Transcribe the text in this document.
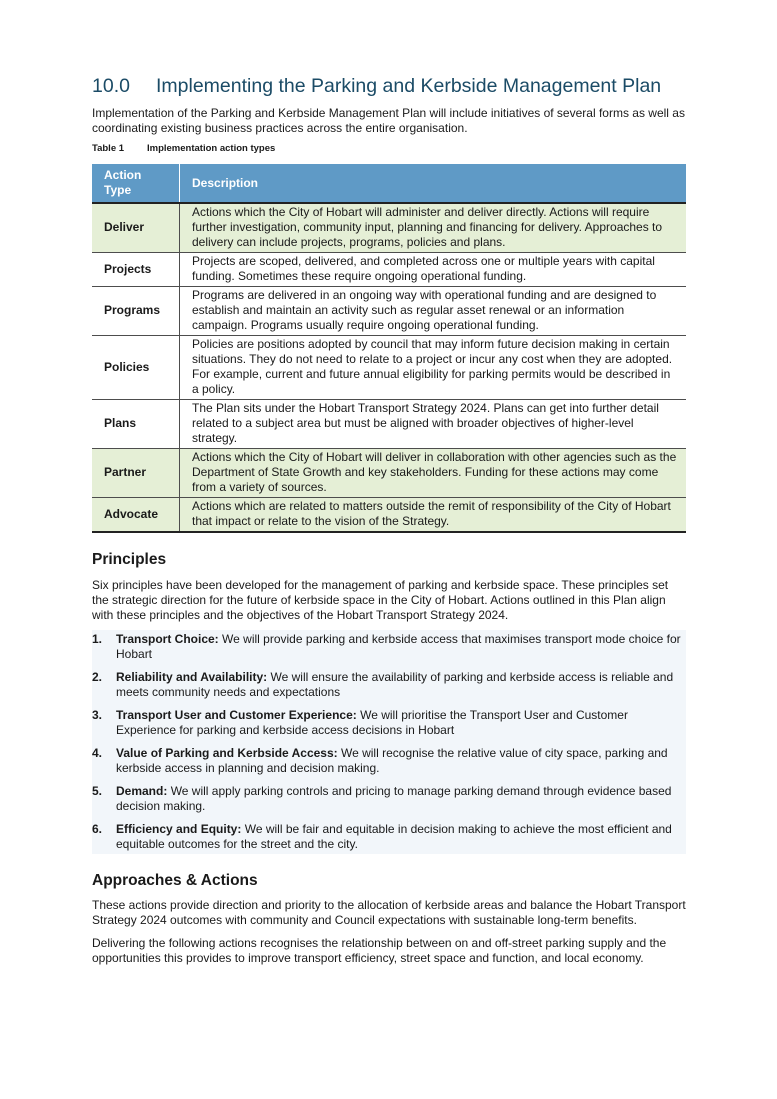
10.0 Implementing the Parking and Kerbside Management Plan

Implementation of the Parking and Kerbside Management Plan will include initiatives of several forms as well as coordinating existing business practices across the entire organisation.

Table 1 Implementation action types
Action Type	Description
Deliver	Actions which the City of Hobart will administer and deliver directly. Actions will require further investigation, community input, planning and financing for delivery. Approaches to delivery can include projects, programs, policies and plans.
Projects	Projects are scoped, delivered, and completed across one or multiple years with capital funding. Sometimes these require ongoing operational funding.
Programs	Programs are delivered in an ongoing way with operational funding and are designed to establish and maintain an activity such as regular asset renewal or an information campaign. Programs usually require ongoing operational funding.
Policies	Policies are positions adopted by council that may inform future decision making in certain situations. They do not need to relate to a project or incur any cost when they are adopted. For example, current and future annual eligibility for parking permits would be described in a policy.
Plans	The Plan sits under the Hobart Transport Strategy 2024. Plans can get into further detail related to a subject area but must be aligned with broader objectives of higher-level strategy.
Partner	Actions which the City of Hobart will deliver in collaboration with other agencies such as the Department of State Growth and key stakeholders. Funding for these actions may come from a variety of sources.
Advocate	Actions which are related to matters outside the remit of responsibility of the City of Hobart that impact or relate to the vision of the Strategy.
Principles

Six principles have been developed for the management of parking and kerbside space. These principles set the strategic direction for the future of kerbside space in the City of Hobart. Actions outlined in this Plan align with these principles and the objectives of the Hobart Transport Strategy 2024.

1.	Transport Choice: We will provide parking and kerbside access that maximises transport mode choice for Hobart
2.	Reliability and Availability: We will ensure the availability of parking and kerbside access is reliable and meets community needs and expectations
3.	Transport User and Customer Experience: We will prioritise the Transport User and Customer Experience for parking and kerbside access decisions in Hobart
4.	Value of Parking and Kerbside Access: We will recognise the relative value of city space, parking and kerbside access in planning and decision making.
5.	Demand: We will apply parking controls and pricing to manage parking demand through evidence based decision making.
6.	Efficiency and Equity: We will be fair and equitable in decision making to achieve the most efficient and equitable outcomes for the street and the city.
Approaches & Actions

These actions provide direction and priority to the allocation of kerbside areas and balance the Hobart Transport Strategy 2024 outcomes with community and Council expectations with sustainable long-term benefits.

Delivering the following actions recognises the relationship between on and off-street parking supply and the opportunities this provides to improve transport efficiency, street space and function, and local economy.
